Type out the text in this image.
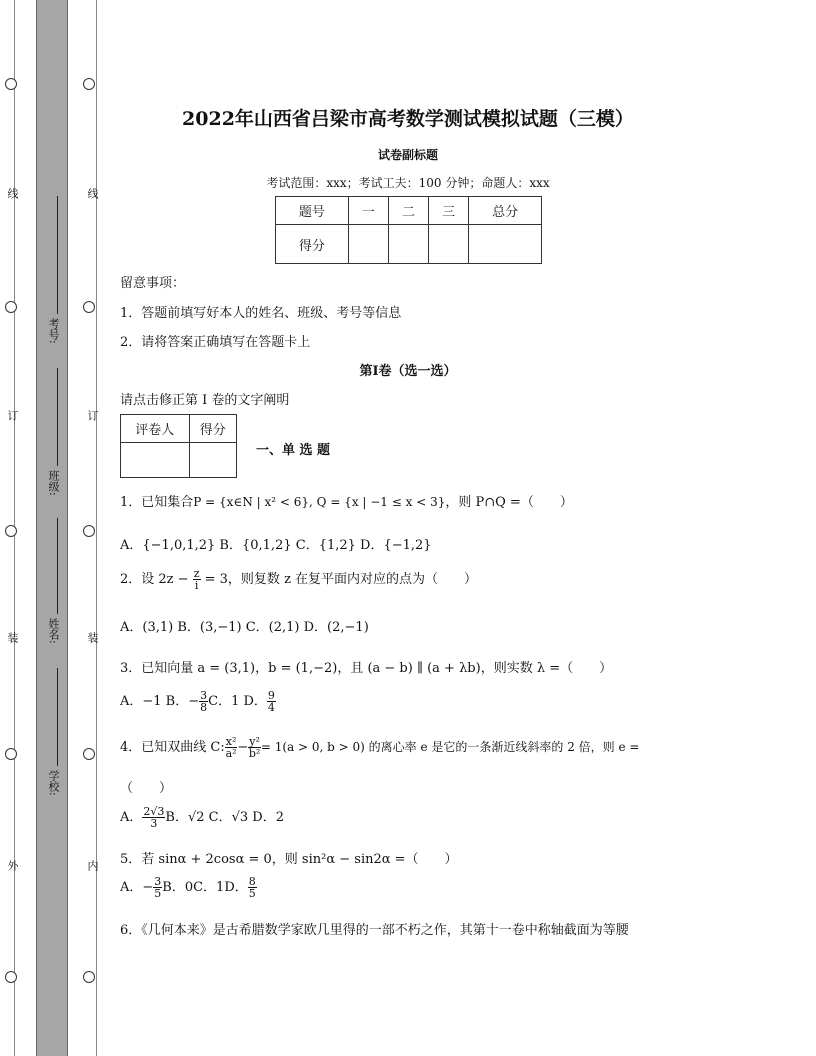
线
订
装
外
线
订
装
内
考号:
班级:
姓名:
学校:
2022年山西省吕梁市高考数学测试模拟试题（三模）
试卷副标题
考试范围：xxx；考试工夫：100 分钟；命题人：xxx
题号	一	二	三	总分
得分				
留意事项：
1．答题前填写好本人的姓名、班级、考号等信息
2．请将答案正确填写在答题卡上
第I卷（选一选）
请点击修正第 I 卷的文字阐明
评卷人	得分

一、单 选 题
1．已知集合P = {x∈N | x² < 6}, Q = {x | −1 ≤ x < 3}，则 P∩Q =（　　）
A．{−1,0,1,2} B．{0,1,2} C．{1,2} D．{−1,2}
2．设 $2z - \frac{z}{i} = 3$，则复数 z 在复平面内对应的点为（　　）
A．(3,1) B．(3,−1) C．(2,1) D．(2,−1)
3．已知向量 a = (3,1)，b = (1,−2)，且 (a − b) ∥ (a + λb)，则实数 λ =（　　）
A．−1 B．− $\frac{3}{8}$ C．1 D． $\frac{9}{4}$
4．已知双曲线 C: $\frac{\text{x²}}{\text{a²}} - \frac{\text{y²}}{\text{b²}} = 1(a > 0$, b > 0) 的离心率 e 是它的一条渐近线斜率的 2 倍，则 e =
（　　）
A． $\frac{2√3}{3}$ B．√2 C．√3 D．2
5．若 sinα + 2cosα = 0，则 sin²α − sin2α =（　　）
A．− $\frac{3}{5}$ B．0C．1D． $\frac{8}{5}$
6．《几何本来》是古希腊数学家欧几里得的一部不朽之作，其第十一卷中称轴截面为等腰
